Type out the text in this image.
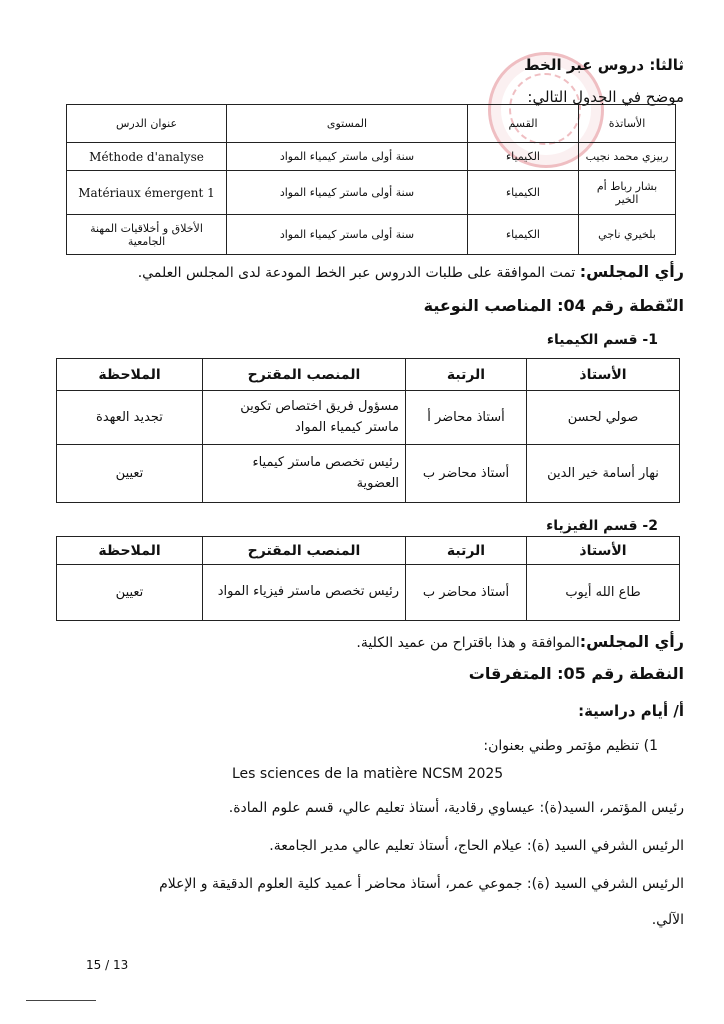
ثالثا: دروس عبر الخط
موضح في الجدول التالي:
الأساتذة	القسم	المستوى	عنوان الدرس
ربيزي محمد نجيب	الكيمياء	سنة أولى ماستر كيمياء المواد	Méthode d'analyse
بشار رباط أم الخير	الكيمياء	سنة أولى ماستر كيمياء المواد	Matériaux émergent 1
بلخيري ناجي	الكيمياء	سنة أولى ماستر كيمياء المواد	الأخلاق و أخلاقيات المهنة الجامعية
رأي المجلس: تمت الموافقة على طلبات الدروس عبر الخط المودعة لدى المجلس العلمي.
النّقطة رقم 04: المناصب النوعية
1- قسم الكيمياء
الأستاذ	الرتبة	المنصب المقترح	الملاحظة
صولي لحسن	أستاذ محاضر أ	مسؤول فريق اختصاص تكوين ماستر كيمياء المواد	تجديد العهدة
نهار أسامة خير الدين	أستاذ محاضر ب	رئيس تخصص ماستر كيمياء العضوية	تعيين
2- قسم الفيزياء
الأستاذ	الرتبة	المنصب المقترح	الملاحظة
طاع الله أيوب	أستاذ محاضر ب	رئيس تخصص ماستر فيزياء المواد	تعيين
رأي المجلس:الموافقة و هذا باقتراح من عميد الكلية.
النقطة رقم 05: المتفرقات
أ/ أيام دراسية:
1) تنظيم مؤتمر وطني بعنوان:
Les sciences de la matière NCSM 2025
رئيس المؤتمر، السيد(ة): عيساوي رقادية، أستاذ تعليم عالي، قسم علوم المادة.
الرئيس الشرفي السيد (ة): عيلام الحاج، أستاذ تعليم عالي مدير الجامعة.
الرئيس الشرفي السيد (ة): جموعي عمر، أستاذ محاضر أ عميد كلية العلوم الدقيقة و الإعلام
الآلي.
15 / 13
